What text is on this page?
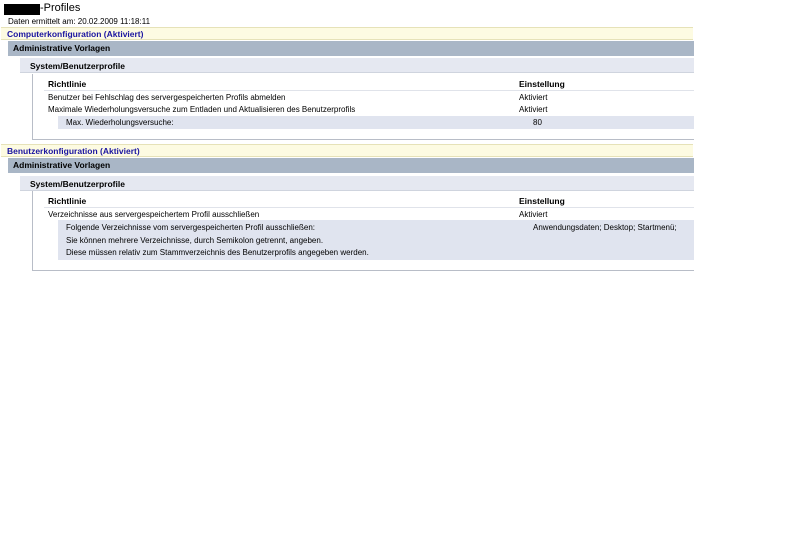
-Profiles
Daten ermittelt am: 20.02.2009 11:18:11
Computerkonfiguration (Aktiviert)
Administrative Vorlagen
System/Benutzerprofile
Richtlinie	Einstellung
Benutzer bei Fehlschlag des servergespeicherten Profils abmelden	Aktiviert
Maximale Wiederholungsversuche zum Entladen und Aktualisieren des Benutzerprofils	Aktiviert
Max. Wiederholungsversuche:	80
Benutzerkonfiguration (Aktiviert)
Administrative Vorlagen
System/Benutzerprofile
Richtlinie	Einstellung
Verzeichnisse aus servergespeichertem Profil ausschließen	Aktiviert
Folgende Verzeichnisse vom servergespeicherten Profil ausschließen:	Anwendungsdaten; Desktop; Startmenü;
Sie können mehrere Verzeichnisse, durch Semikolon getrennt, angeben.
Diese müssen relativ zum Stammverzeichnis des Benutzerprofils angegeben werden.
